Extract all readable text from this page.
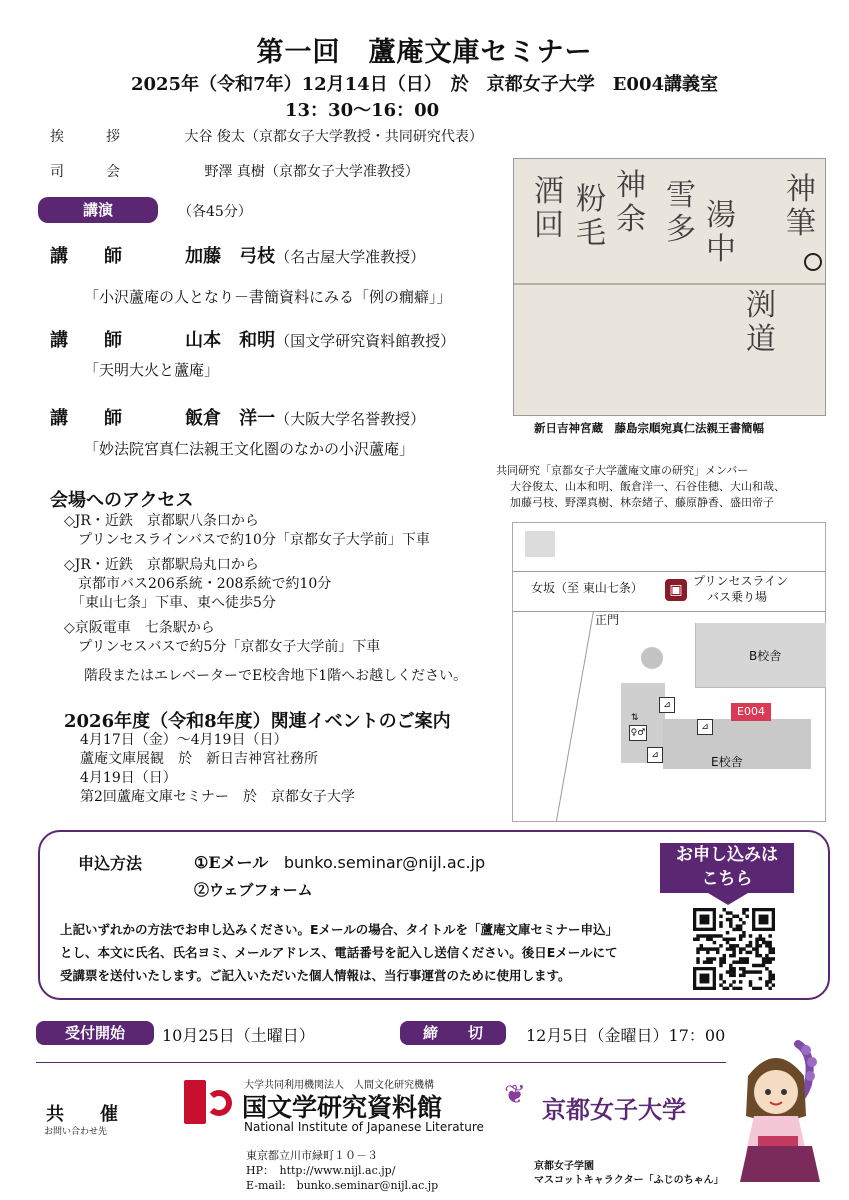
第一回　蘆庵文庫セミナー
2025年（令和7年）12月14日（日）　於　京都女子大学　E004講義室
13：30～16：00
挨　　　拶	大谷 俊太（京都女子大学教授・共同研究代表）
司　　　会	野澤 真樹（京都女子大学准教授）
講演	（各45分）
講　　師	加藤　弓枝（名古屋大学准教授）
「小沢蘆庵の人となり－書簡資料にみる「例の癇癖」」
講　　師	山本　和明（国文学研究資料館教授）
「天明大火と蘆庵」
講　　師	飯倉　洋一（大阪大学名誉教授）
「妙法院宮真仁法親王文化圏のなかの小沢蘆庵」
神筆
渕道
湯中
雪多
神余
粉毛
酒回
新日吉神宮蔵　藤島宗順宛真仁法親王書簡幅
共同研究「京都女子大学蘆庵文庫の研究」メンバー
大谷俊太、山本和明、飯倉洋一、石谷佳穂、大山和哉、
加藤弓枝、野澤真樹、林奈緒子、藤原静香、盛田帝子
会場へのアクセス
◇JR・近鉄　京都駅八条口から
　プリンセスラインバスで約10分「京都女子大学前」下車
◇JR・近鉄　京都駅烏丸口から
　京都市バス206系統・208系統で約10分
　「東山七条」下車、東へ徒歩5分
◇京阪電車　七条駅から
　プリンセスバスで約5分「京都女子大学前」下車
階段またはエレベーターでE校舎地下1階へお越しください。
女坂（至 東山七条）	▣
プリンセスライン
バス乗り場
正門
B校舎
E校舎
⊿
⇅
♀♂
⊿
⊿
E004
2026年度（令和8年度）関連イベントのご案内
4月17日（金）～4月19日（日）
蘆庵文庫展観　於　新日吉神宮社務所
4月19日（日）
第2回蘆庵文庫セミナー　於　京都女子大学
申込方法	①Eメール bunko.seminar@nijl.ac.jp
②ウェブフォーム
お申し込みは
こちら
上記いずれかの方法でお申し込みください。Eメールの場合、タイトルを「蘆庵文庫セミナー申込」
とし、本文に氏名、氏名ヨミ、メールアドレス、電話番号を記入し送信ください。後日Eメールにて
受講票を送付いたします。ご記入いただいた個人情報は、当行事運営のために使用します。
受付開始	10月25日（土曜日）	締　　切	12月5日（金曜日）17：00
共　　催
お問い合わせ先
大学共同利用機関法人　人間文化研究機構
国文学研究資料館
National Institute of Japanese Literature
東京都立川市緑町１０－３
HP：　http://www.nijl.ac.jp/
E-mail:　bunko.seminar@nijl.ac.jp
❦ 京都女子大学
京都女子学園
マスコットキャラクター「ふじのちゃん」
